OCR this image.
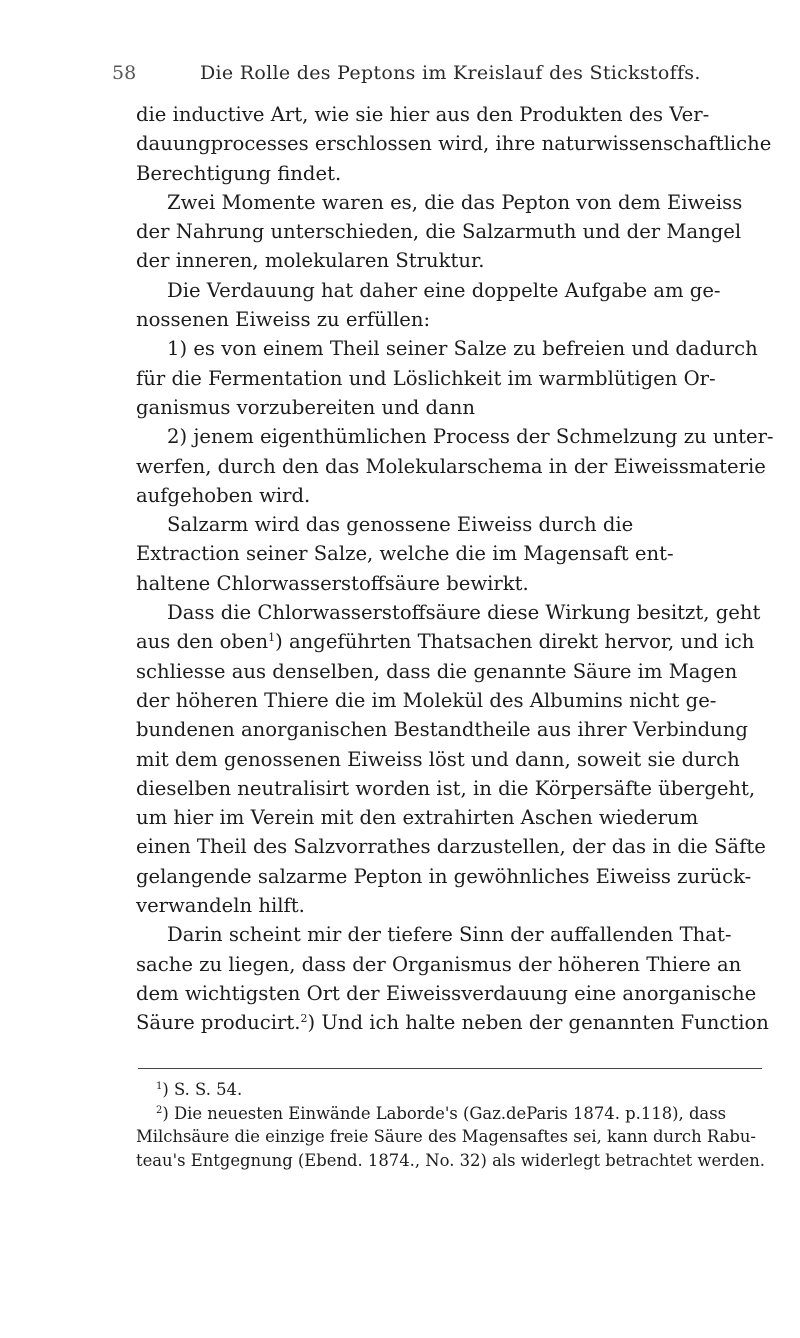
58	Die Rolle des Peptons im Kreislauf des Stickstoffs.
die inductive Art, wie sie hier aus den Produkten des Ver-
dauungprocesses erschlossen wird, ihre naturwissenschaftliche
Berechtigung findet.
Zwei Momente waren es, die das Pepton von dem Eiweiss
der Nahrung unterschieden, die Salzarmuth und der Mangel
der inneren, molekularen Struktur.
Die Verdauung hat daher eine doppelte Aufgabe am ge-
nossenen Eiweiss zu erfüllen:
1) es von einem Theil seiner Salze zu befreien und dadurch
für die Fermentation und Löslichkeit im warmblütigen Or-
ganismus vorzubereiten und dann
2) jenem eigenthümlichen Process der Schmelzung zu unter-
werfen, durch den das Molekularschema in der Eiweissmaterie
aufgehoben wird.
Salzarm wird das genossene Eiweiss durch die
Extraction seiner Salze, welche die im Magensaft ent-
haltene Chlorwasserstoffsäure bewirkt.
Dass die Chlorwasserstoffsäure diese Wirkung besitzt, geht
aus den oben$^1$) angeführten Thatsachen direkt hervor, und ich
schliesse aus denselben, dass die genannte Säure im Magen
der höheren Thiere die im Molekül des Albumins nicht ge-
bundenen anorganischen Bestandtheile aus ihrer Verbindung
mit dem genossenen Eiweiss löst und dann, soweit sie durch
dieselben neutralisirt worden ist, in die Körpersäfte übergeht,
um hier im Verein mit den extrahirten Aschen wiederum
einen Theil des Salzvorrathes darzustellen, der das in die Säfte
gelangende salzarme Pepton in gewöhnliches Eiweiss zurück-
verwandeln hilft.
Darin scheint mir der tiefere Sinn der auffallenden That-
sache zu liegen, dass der Organismus der höheren Thiere an
dem wichtigsten Ort der Eiweissverdauung eine anorganische
Säure producirt.$^2$) Und ich halte neben der genannten Function
$^1$) S. S. 54.
$^2$) Die neuesten Einwände Laborde's (Gaz.deParis 1874. p.118), dass
Milchsäure die einzige freie Säure des Magensaftes sei, kann durch Rabu-
teau's Entgegnung (Ebend. 1874., No. 32) als widerlegt betrachtet werden.
